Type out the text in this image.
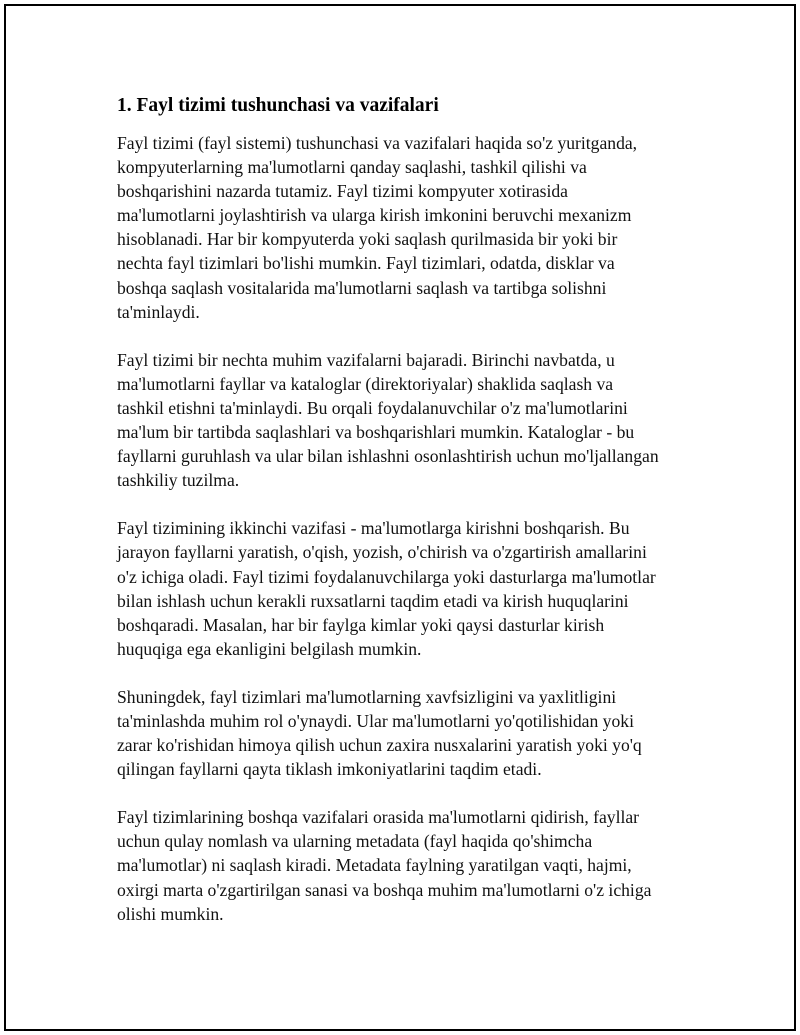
1. Fayl tizimi tushunchasi va vazifalari

Fayl tizimi (fayl sistemi) tushunchasi va vazifalari haqida so'z yuritganda,
kompyuterlarning ma'lumotlarni qanday saqlashi, tashkil qilishi va
boshqarishini nazarda tutamiz. Fayl tizimi kompyuter xotirasida
ma'lumotlarni joylashtirish va ularga kirish imkonini beruvchi mexanizm
hisoblanadi. Har bir kompyuterda yoki saqlash qurilmasida bir yoki bir
nechta fayl tizimlari bo'lishi mumkin. Fayl tizimlari, odatda, disklar va
boshqa saqlash vositalarida ma'lumotlarni saqlash va tartibga solishni
ta'minlaydi.

Fayl tizimi bir nechta muhim vazifalarni bajaradi. Birinchi navbatda, u
ma'lumotlarni fayllar va kataloglar (direktoriyalar) shaklida saqlash va
tashkil etishni ta'minlaydi. Bu orqali foydalanuvchilar o'z ma'lumotlarini
ma'lum bir tartibda saqlashlari va boshqarishlari mumkin. Kataloglar - bu
fayllarni guruhlash va ular bilan ishlashni osonlashtirish uchun mo'ljallangan
tashkiliy tuzilma.

Fayl tizimining ikkinchi vazifasi - ma'lumotlarga kirishni boshqarish. Bu
jarayon fayllarni yaratish, o'qish, yozish, o'chirish va o'zgartirish amallarini
o'z ichiga oladi. Fayl tizimi foydalanuvchilarga yoki dasturlarga ma'lumotlar
bilan ishlash uchun kerakli ruxsatlarni taqdim etadi va kirish huquqlarini
boshqaradi. Masalan, har bir faylga kimlar yoki qaysi dasturlar kirish
huquqiga ega ekanligini belgilash mumkin.

Shuningdek, fayl tizimlari ma'lumotlarning xavfsizligini va yaxlitligini
ta'minlashda muhim rol o'ynaydi. Ular ma'lumotlarni yo'qotilishidan yoki
zarar ko'rishidan himoya qilish uchun zaxira nusxalarini yaratish yoki yo'q
qilingan fayllarni qayta tiklash imkoniyatlarini taqdim etadi.

Fayl tizimlarining boshqa vazifalari orasida ma'lumotlarni qidirish, fayllar
uchun qulay nomlash va ularning metadata (fayl haqida qo'shimcha
ma'lumotlar) ni saqlash kiradi. Metadata faylning yaratilgan vaqti, hajmi,
oxirgi marta o'zgartirilgan sanasi va boshqa muhim ma'lumotlarni o'z ichiga
olishi mumkin.
